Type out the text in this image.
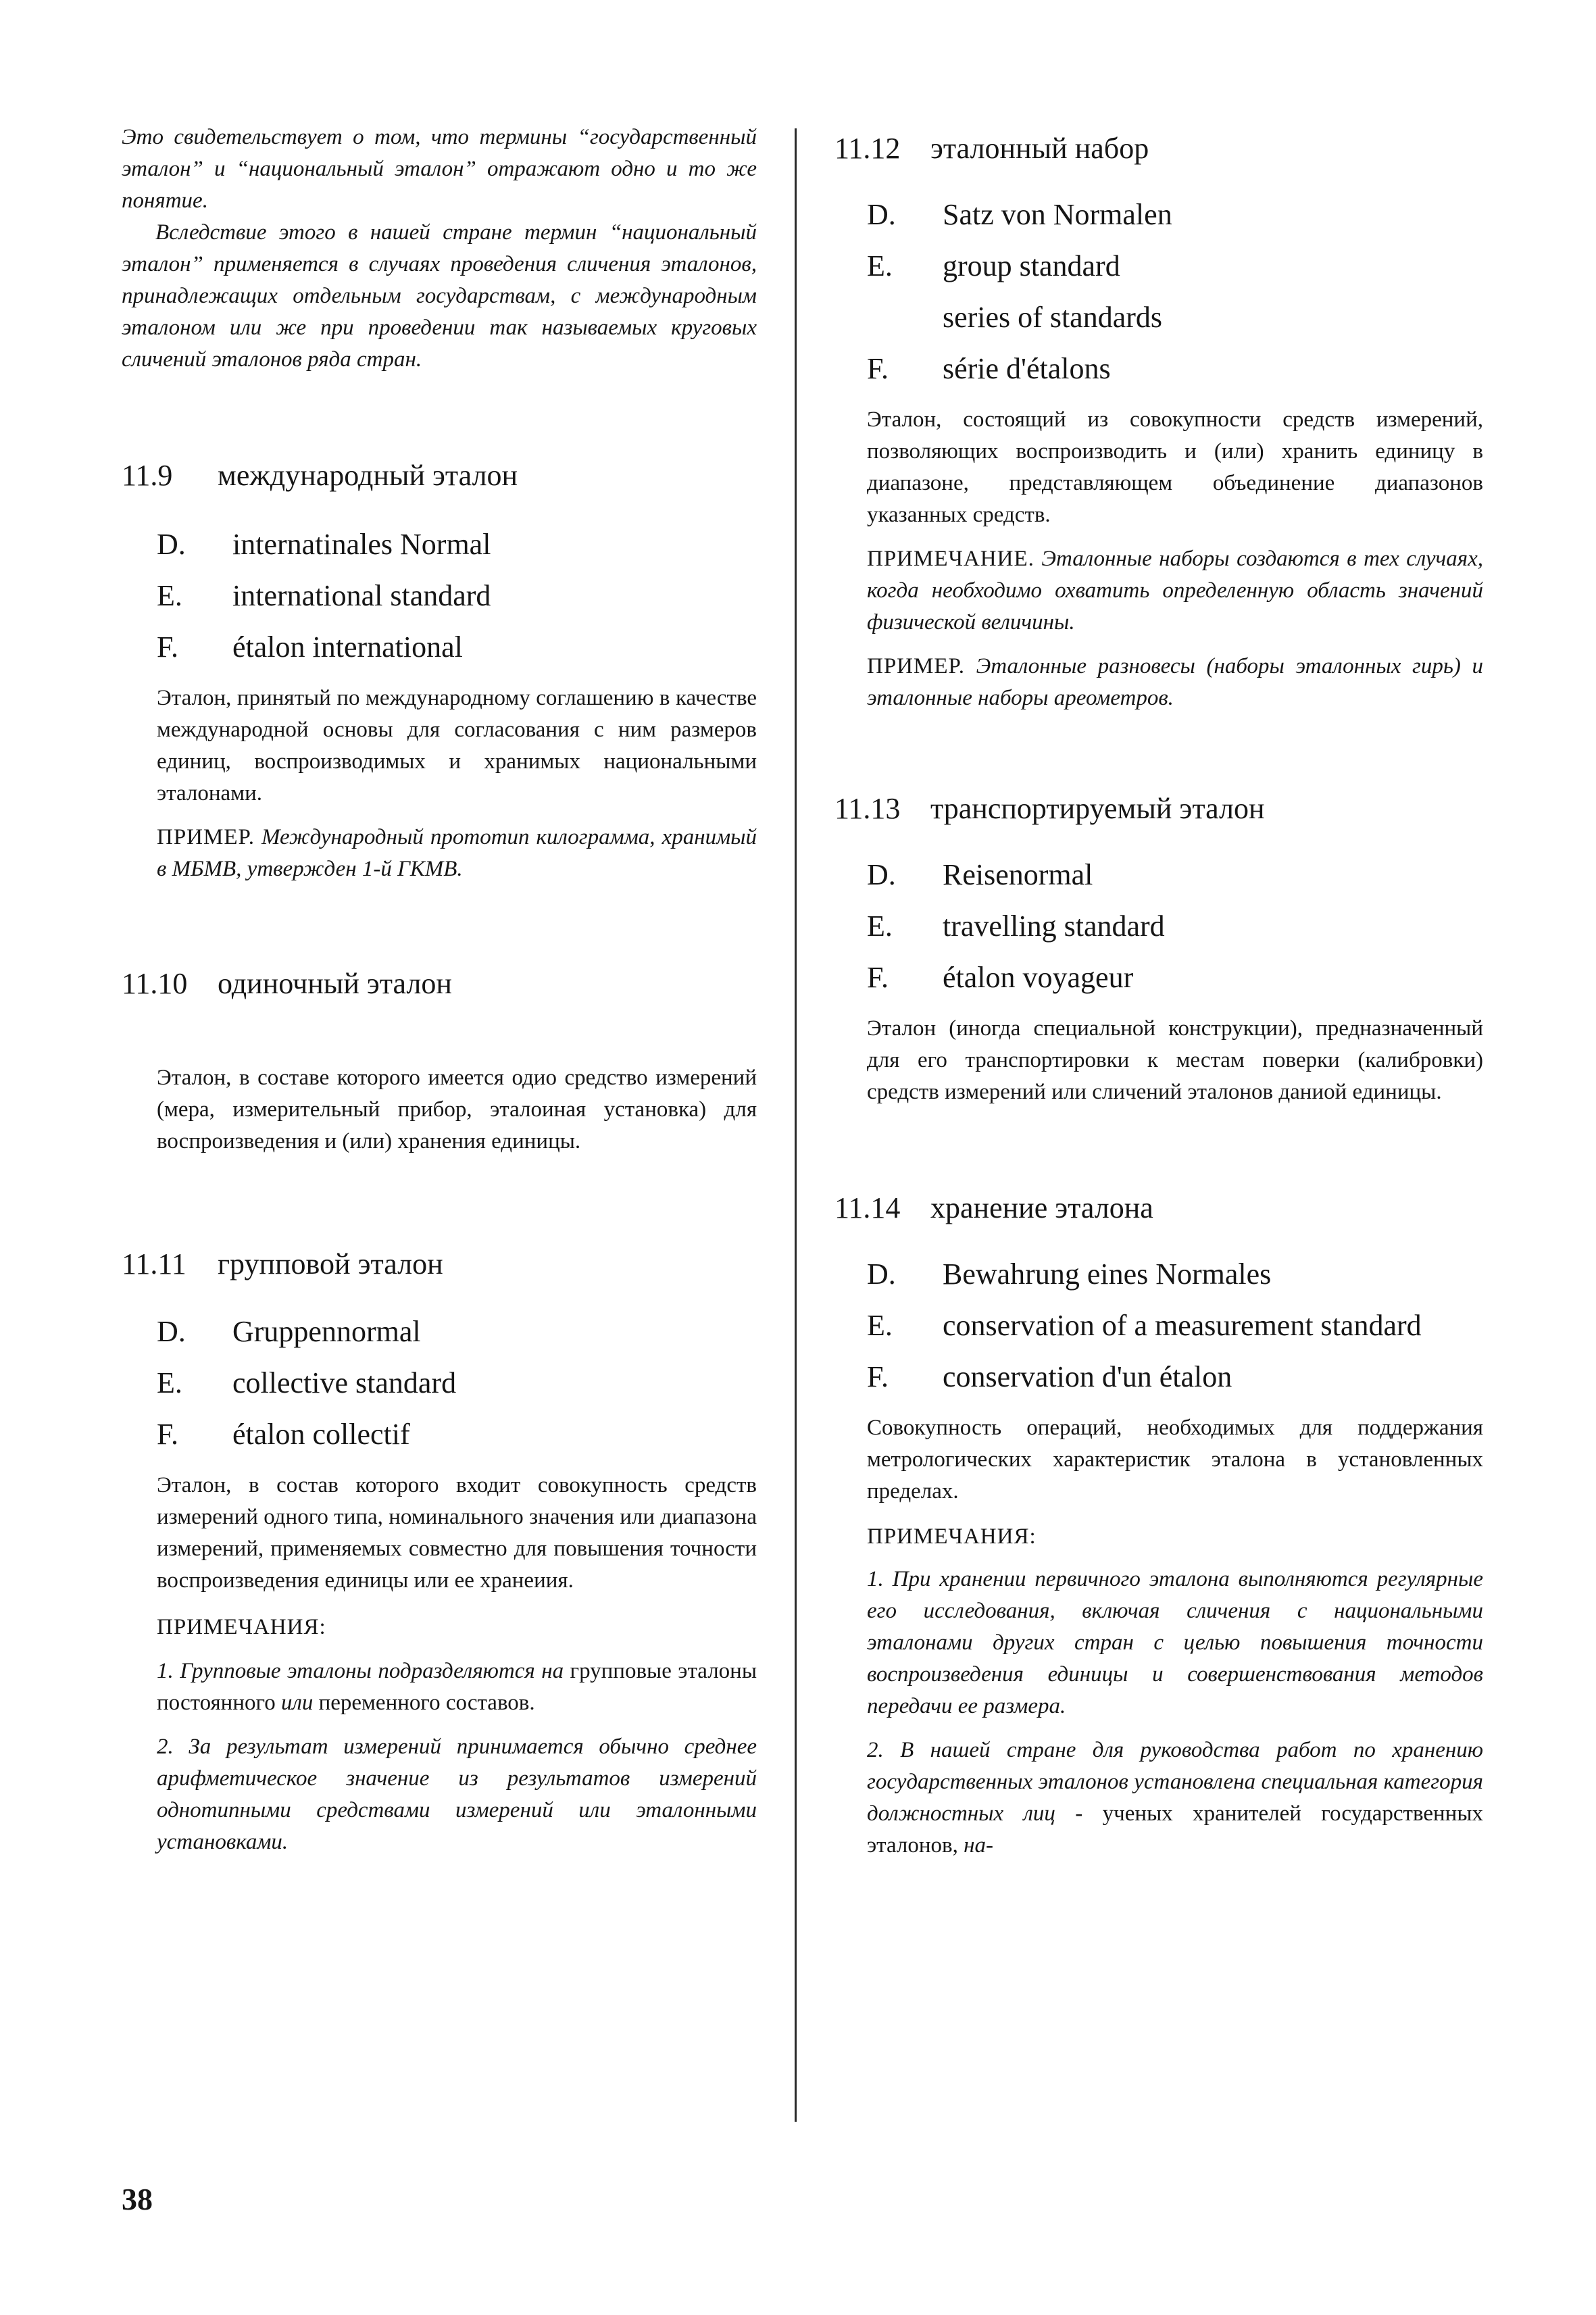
Это свидетельствует о том, что термины “государственный эталон” и “национальный эталон” отражают одно и то же понятие.

Вследствие этого в нашей стране термин “национальный эталон” применяется в случаях проведения сличения эталонов, принадлежащих отдельным государствам, с международным эталоном или же при проведении так называемых круговых сличений эталонов ряда стран.

11.9 международный эталон
D.	internatinales Normal
E.	international standard
F.	étalon international

Эталон, принятый по международному соглашению в качестве международной основы для согласования с ним размеров единиц, воспроизводимых и хранимых национальными эталонами.

ПРИМЕР. Международный прототип килограмма, хранимый в МБМВ, утвержден 1-й ГКМВ.

11.10 одиночный эталон

Эталон, в составе которого имеется одио средство измерений (мера, измерительный прибор, эталоиная установка) для воспроизведения и (или) хранения единицы.

11.11 групповой эталон
D.	Gruppennormal
E.	collective standard
F.	étalon collectif

Эталон, в состав которого входит совокупность средств измерений одного типа, номинального значения или диапазона измерений, применяемых совместно для повышения точности воспроизведения единицы или ее хранеиия.

ПРИМЕЧАНИЯ:

1. Групповые эталоны подразделяются на групповые эталоны постоянного или переменного составов.

2. За результат измерений принимается обычно среднее арифметическое значение из результатов измерений однотипными средствами измерений или эталонными установками.

11.12 эталонный набор
D.	Satz von Normalen
E.	group standard
series of standards
F.	série d'étalons

Эталон, состоящий из совокупности средств измерений, позволяющих воспроизводить и (или) хранить единицу в диапазоне, представляющем объединение диапазонов указанных средств.

ПРИМЕЧАНИЕ. Эталонные наборы создаются в тех случаях, когда необходимо охватить определенную область значений физической величины.

ПРИМЕР. Эталонные разновесы (наборы эталонных гирь) и эталонные наборы ареометров.

11.13 транспортируемый эталон
D.	Reisenormal
E.	travelling standard
F.	étalon voyageur

Эталон (иногда специальной конструкции), предназначенный для его транспортировки к местам поверки (калибровки) средств измерений или сличений эталонов даниой единицы.

11.14 хранение эталона
D.	Bewahrung eines Normales
E.	conservation of a measurement standard
F.	conservation d'un étalon

Совокупность операций, необходимых для поддержания метрологических характеристик эталона в установленных пределах.

ПРИМЕЧАНИЯ:

1. При хранении первичного эталона выполняются регулярные его исследования, включая сличения с национальными эталонами других стран с целью повышения точности воспроизведения единицы и совершенствования методов передачи ее размера.

2. В нашей стране для руководства работ по хранению государственных эталонов установлена специальная категория должностных лиц - ученых хранителей государственных эталонов, на-

38
